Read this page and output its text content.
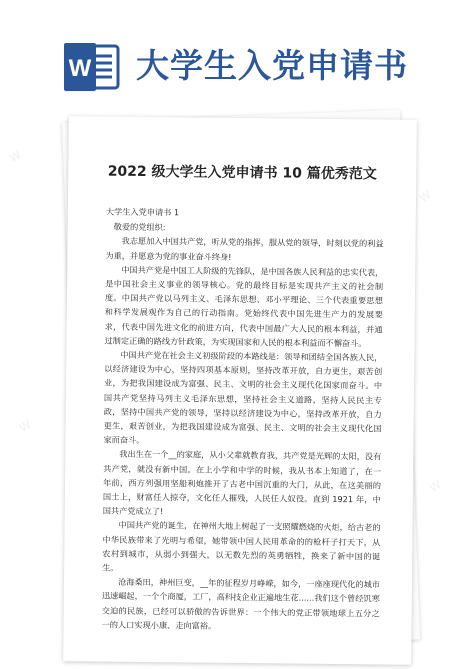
W 大学生入党申请书
W
W
W
W
2022 级大学生入党申请书 10 篇优秀范文

大学生入党申请书 1

敬爱的党组织:

我志愿加入中国共产党，听从党的指挥，服从党的领导，时刻以党的利益为重，并愿意为党的事业奋斗终身!

中国共产党是中国工人阶级的先锋队，是中国各族人民利益的忠实代表，是中国社会主义事业的领导核心。党的最终目标是实现共产主义的社会制度。中国共产党以马列主义、毛泽东思想、邓小平理论、三个代表重要思想和科学发展观作为自己的行动指南。党始终代表中国先进生产力的发展要求，代表中国先进文化的前进方向，代表中国最广大人民的根本利益，并通过制定正确的路线方针政策，为实现国家和人民的根本利益而不懈奋斗。

中国共产党在社会主义初级阶段的本路线是：领导和团结全国各族人民，以经济建设为中心，坚持四项基本原则，坚持改革开放，自力更生，艰苦创业，为把我国建设成为富强、民主、文明的社会主义现代化国家而奋斗。中国共产党坚持马列主义毛泽东思想，坚持社会主义道路，坚持人民民主专政，坚持中国共产党的领导，坚持以经济建设为中心，坚持改革开放，自力更生，艰苦创业，为把我国建设成为富强、民主、文明的社会主义现代化国家而奋斗。

我出生在一个__的家庭，从小父辈就教育我，共产党是光辉的太阳，没有共产党，就没有新中国。在上小学和中学的时候，我从书本上知道了，在一年前，西方列强用坚船利炮推开了古老中国沉重的大门，从此，在这美丽的国土上，财富任人掠夺，文化任人摧残，人民任人奴役。直到 1921 年，中国共产党成立了!

中国共产党的诞生，在神州大地上树起了一支照耀燃烧的火炬，给古老的中华民族带来了光明与希望，她带领中国人民用革命的的枪杆子打天下，从农村到城市，从弱小到强大，以无数先烈的英勇牺牲，换来了新中国的诞生。

沧海桑田，神州巨变，__年的征程岁月峥嵘，如今，一座座现代化的城市迅速崛起，一个个商厦，工厂，高科技企业正遍地生花......我们这个曾经饥寒交迫的民族，已经可以骄傲的告诉世界：一个伟大的党正带领地球上五分之一的人口实现小康、走向富裕。
